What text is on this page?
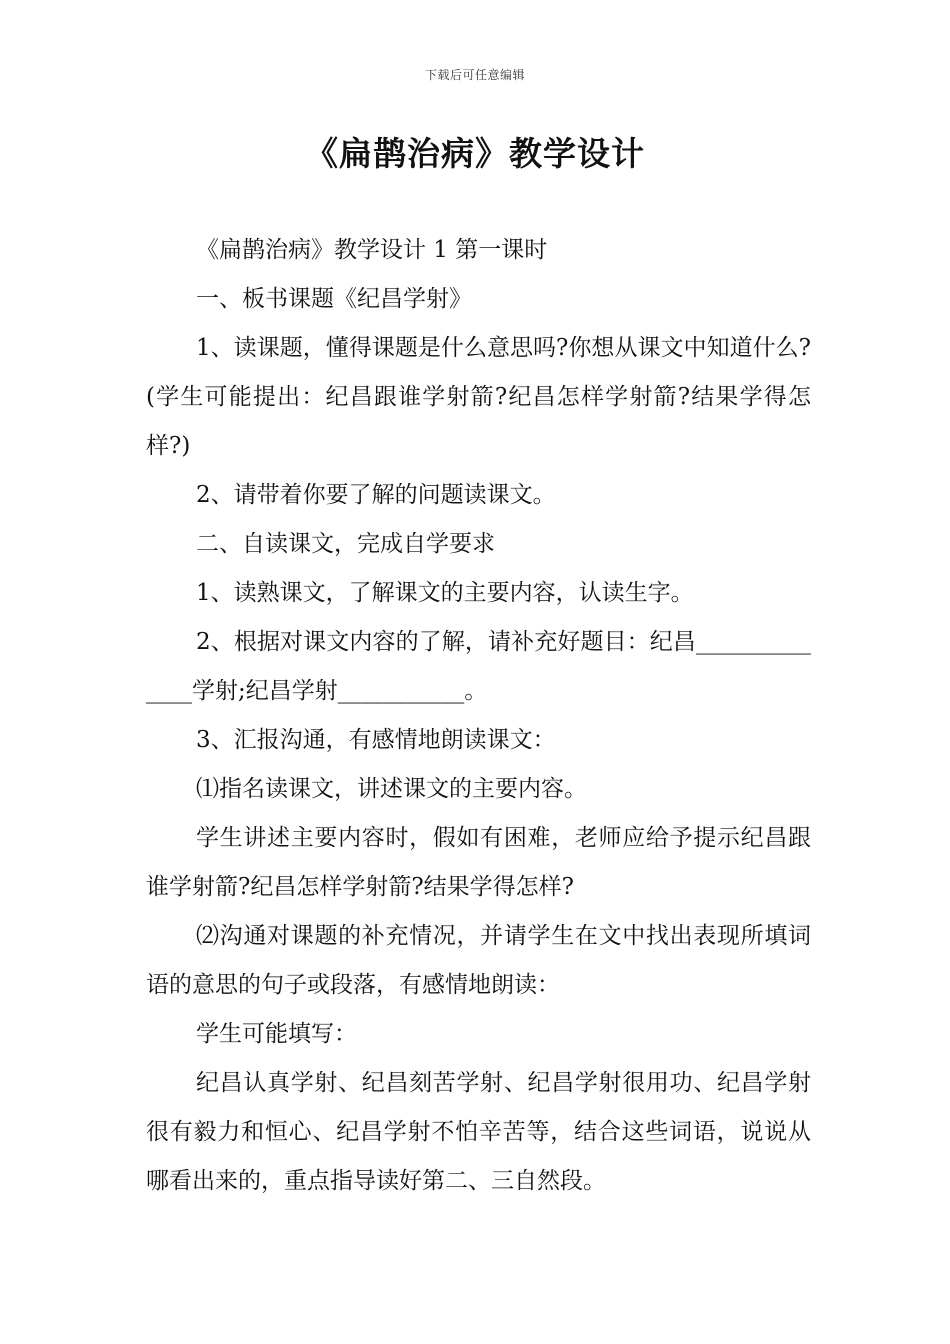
下载后可任意编辑
《扁鹊治病》教学设计

《扁鹊治病》教学设计 1 第一课时

一、板书课题《纪昌学射》

1、读课题，懂得课题是什么意思吗?你想从课文中知道什么?(学生可能提出：纪昌跟谁学射箭?纪昌怎样学射箭?结果学得怎样?)

2、请带着你要了解的问题读课文。

二、自读课文，完成自学要求

1、读熟课文，了解课文的主要内容，认读生字。

2、根据对课文内容的了解，请补充好题目：纪昌______________学射;纪昌学射___________。

3、汇报沟通，有感情地朗读课文：

⑴指名读课文，讲述课文的主要内容。

学生讲述主要内容时，假如有困难，老师应给予提示纪昌跟谁学射箭?纪昌怎样学射箭?结果学得怎样?

⑵沟通对课题的补充情况，并请学生在文中找出表现所填词语的意思的句子或段落，有感情地朗读：

学生可能填写：

纪昌认真学射、纪昌刻苦学射、纪昌学射很用功、纪昌学射很有毅力和恒心、纪昌学射不怕辛苦等，结合这些词语，说说从哪看出来的，重点指导读好第二、三自然段。
